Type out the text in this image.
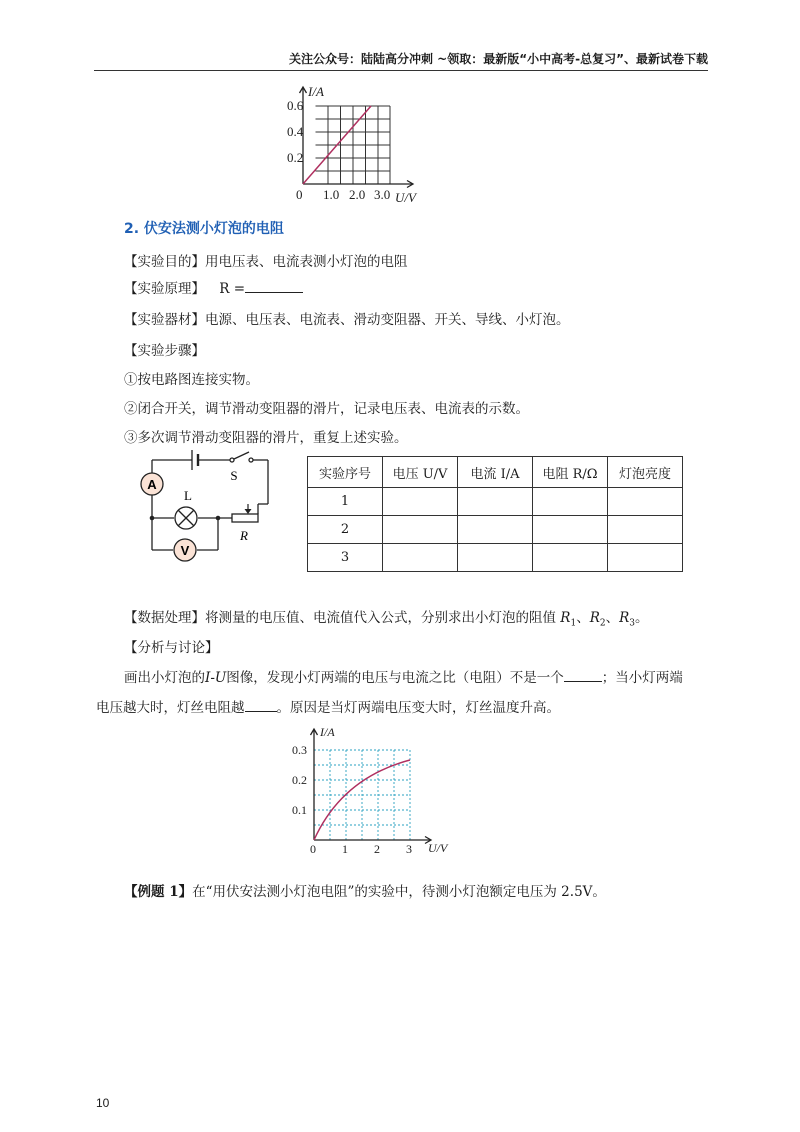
关注公众号：陆陆高分冲刺 ~领取：最新版“小中高考-总复习”、最新试卷下载
I/A
0.6
0.4
0.2
0 1.0 2.0 3.0 U/V
2. 伏安法测小灯泡的电阻
【实验目的】用电压表、电流表测小灯泡的电阻
【实验原理】 R =
【实验器材】电源、电压表、电流表、滑动变阻器、开关、导线、小灯泡。
【实验步骤】
①按电路图连接实物。
②闭合开关，调节滑动变阻器的滑片，记录电压表、电流表的示数。
③多次调节滑动变阻器的滑片，重复上述实验。
A
L
V
S
R
实验序号	电压 U/V	电流 I/A	电阻 R/Ω	灯泡亮度
1				
2				
3				
【数据处理】将测量的电压值、电流值代入公式，分别求出小灯泡的阻值 $R_1$、$R_2$、$R_3$。
【分析与讨论】
画出小灯泡的I-U图像，发现小灯两端的电压与电流之比（电阻）不是一个	；当小灯两端
电压越大时，灯丝电阻越 。原因是当灯两端电压变大时，灯丝温度升高。
I/A
0.3
0.2
0.1
0 1 2 3 U/V
【例题 1】在“用伏安法测小灯泡电阻”的实验中，待测小灯泡额定电压为 2.5V。
10
